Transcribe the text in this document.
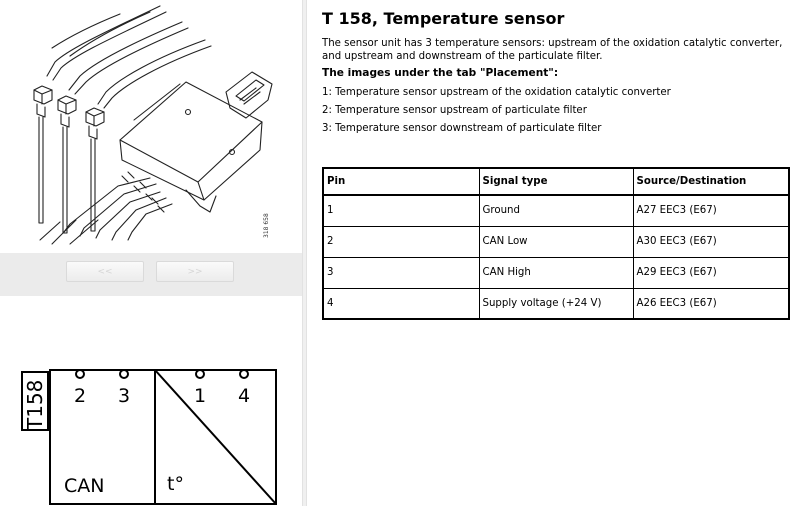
318 658
<<	>>
T158 2 3	1 4
CAN	t°
T 158, Temperature sensor

The sensor unit has 3 temperature sensors: upstream of the oxidation catalytic converter, and upstream and downstream of the particulate filter.

The images under the tab "Placement":

1: Temperature sensor upstream of the oxidation catalytic converter
2: Temperature sensor upstream of particulate filter
3: Temperature sensor downstream of particulate filter
Pin	Signal type	Source/Destination
1	Ground	A27 EEC3 (E67)
2	CAN Low	A30 EEC3 (E67)
3	CAN High	A29 EEC3 (E67)
4	Supply voltage (+24 V)	A26 EEC3 (E67)
